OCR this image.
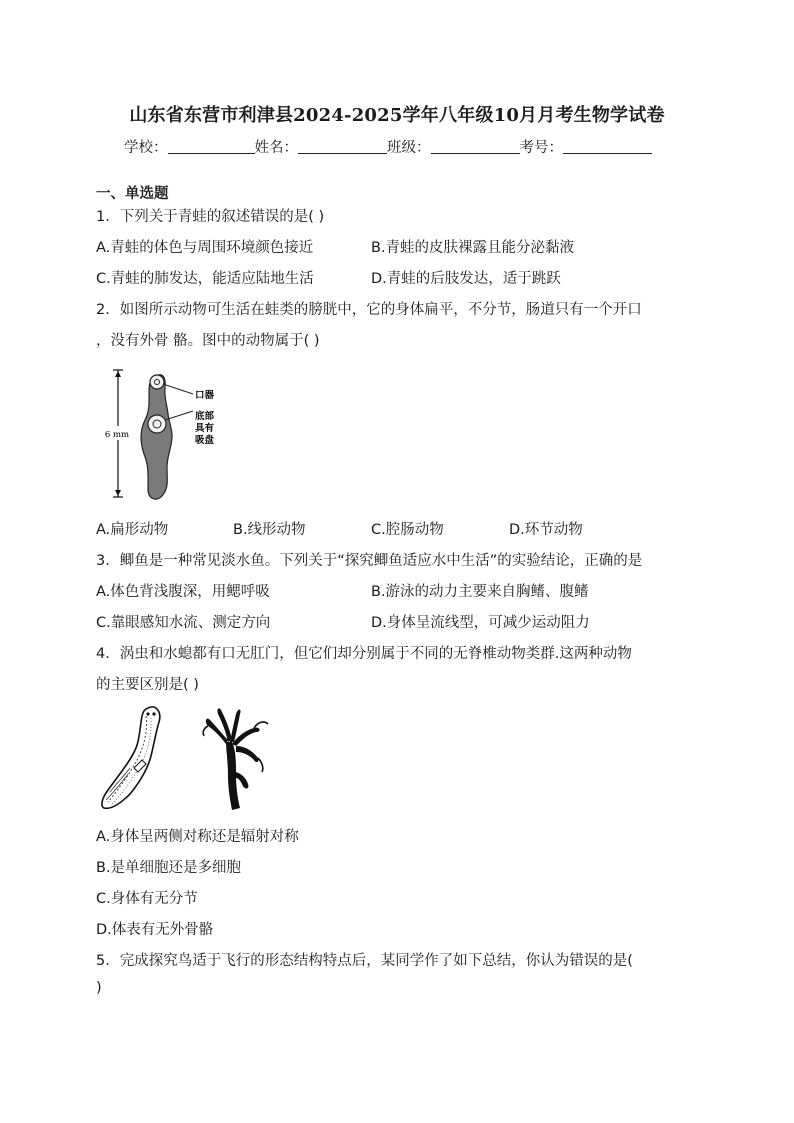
山东省东营市利津县2024-2025学年八年级10月月考生物学试卷
学校：	姓名：	班级：	考号：
一、单选题
1．下列关于青蛙的叙述错误的是( )
A.青蛙的体色与周围环境颜色接近	B.青蛙的皮肤裸露且能分泌黏液
C.青蛙的肺发达，能适应陆地生活	D.青蛙的后肢发达，适于跳跃
2．如图所示动物可生活在蛙类的膀胱中，它的身体扁平，不分节，肠道只有一个开口
，没有外骨 骼。图中的动物属于( )
6 mm
口器
底部
具有
吸盘
A.扁形动物	B.线形动物	C.腔肠动物	D.环节动物
3．鲫鱼是一种常见淡水鱼。下列关于“探究鲫鱼适应水中生活”的实验结论，正确的是
A.体色背浅腹深，用鳃呼吸	B.游泳的动力主要来自胸鳍、腹鳍
C.靠眼感知水流、测定方向	D.身体呈流线型，可减少运动阻力
4．涡虫和水螅都有口无肛门，但它们却分别属于不同的无脊椎动物类群.这两种动物
的主要区别是( )
A.身体呈两侧对称还是辐射对称
B.是单细胞还是多细胞
C.身体有无分节
D.体表有无外骨骼
5．完成探究鸟适于飞行的形态结构特点后，某同学作了如下总结，你认为错误的是(
)
